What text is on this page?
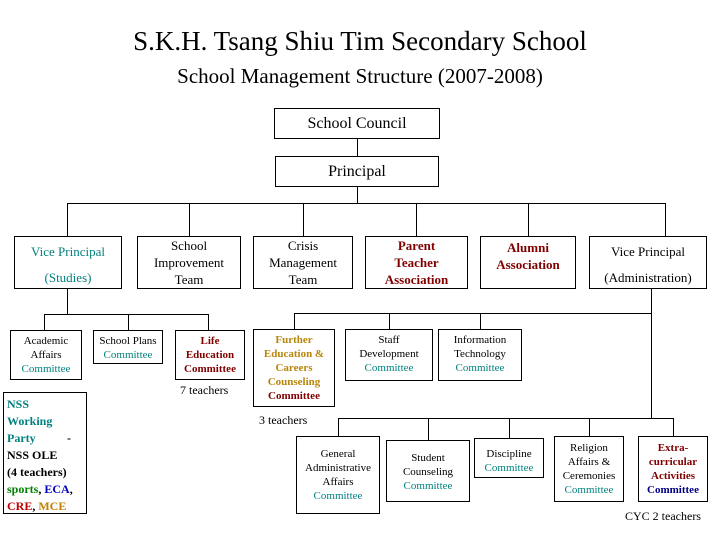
S.K.H. Tsang Shiu Tim Secondary School
School Management Structure (2007-2008)
School Council
Principal
Vice Principal
(Studies)
School Improvement Team
Crisis Management Team
Parent Teacher Association
Alumni Association
Vice Principal
(Administration)
Academic Affairs
Committee
School Plans
Committee
Life Education
Committee
Further Education & Careers Counseling
Committee
Staff Development
Committee
Information Technology
Committee
7 teachers
3 teachers
CYC 2 teachers
NSS
Working
Party	-
NSS OLE
(4 teachers)
sports, ECA,
CRE, MCE
General Administrative Affairs
Committee
Student Counseling
Committee
Discipline
Committee
Religion Affairs & Ceremonies
Committee
Extra-curricular Activities
Committee
